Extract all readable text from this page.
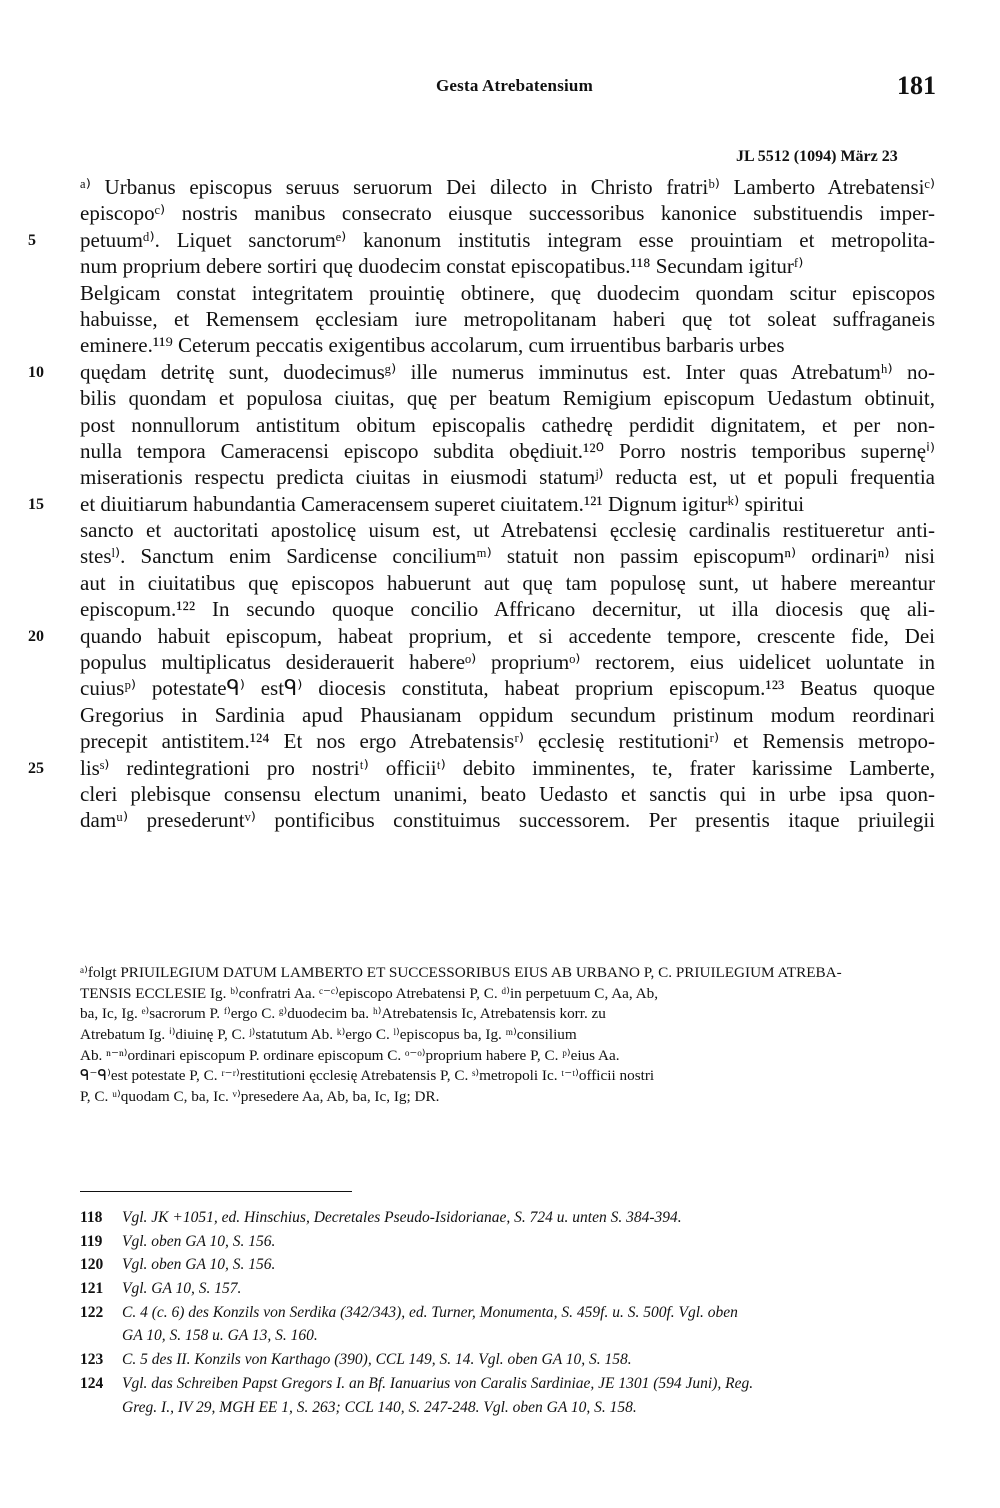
Gesta Atrebatensium	181
JL 5512 (1094) März 23
ᵃ⁾ Urbanus episcopus seruus seruorum Dei dilecto in Christo fratriᵇ⁾ Lamberto Atrebatensiᶜ⁾
episcopoᶜ⁾ nostris manibus consecrato eiusque successoribus kanonice substituendis imper-
5 petuumᵈ⁾. Liquet sanctorumᵉ⁾ kanonum institutis integram esse prouintiam et metropolita-
num proprium debere sortiri quę duodecim constat episcopatibus.¹¹⁸ Secundam igiturᶠ⁾
Belgicam constat integritatem prouintię obtinere, quę duodecim quondam scitur episcopos
habuisse, et Remensem ęcclesiam iure metropolitanam haberi quę tot soleat suffraganeis
eminere.¹¹⁹ Ceterum peccatis exigentibus accolarum, cum irruentibus barbaris urbes
10 quędam detritę sunt, duodecimusᵍ⁾ ille numerus imminutus est. Inter quas Atrebatumʰ⁾ no-
bilis quondam et populosa ciuitas, quę per beatum Remigium episcopum Uedastum obtinuit,
post nonnullorum antistitum obitum episcopalis cathedrę perdidit dignitatem, et per non-
nulla tempora Cameracensi episcopo subdita obędiuit.¹²⁰ Porro nostris temporibus supernęⁱ⁾
miserationis respectu predicta ciuitas in eiusmodi statumʲ⁾ reducta est, ut et populi frequentia
15 et diuitiarum habundantia Cameracensem superet ciuitatem.¹²¹ Dignum igiturᵏ⁾ spiritui
sancto et auctoritati apostolicę uisum est, ut Atrebatensi ęcclesię cardinalis restitueretur anti-
stesˡ⁾. Sanctum enim Sardicense conciliumᵐ⁾ statuit non passim episcopumⁿ⁾ ordinariⁿ⁾ nisi
aut in ciuitatibus quę episcopos habuerunt aut quę tam populosę sunt, ut habere mereantur
episcopum.¹²² In secundo quoque concilio Affricano decernitur, ut illa diocesis quę ali-
20 quando habuit episcopum, habeat proprium, et si accedente tempore, crescente fide, Dei
populus multiplicatus desiderauerit habereᵒ⁾ propriumᵒ⁾ rectorem, eius uidelicet uoluntate in
cuiusᵖ⁾ potestateᑫ⁾ estᑫ⁾ diocesis constituta, habeat proprium episcopum.¹²³ Beatus quoque
Gregorius in Sardinia apud Phausianam oppidum secundum pristinum modum reordinari
precepit antistitem.¹²⁴ Et nos ergo Atrebatensisʳ⁾ ęcclesię restitutioniʳ⁾ et Remensis metropo-
25 lisˢ⁾ redintegrationi pro nostriᵗ⁾ officiiᵗ⁾ debito imminentes, te, frater karissime Lamberte,
cleri plebisque consensu electum unanimi, beato Uedasto et sanctis qui in urbe ipsa quon-
damᵘ⁾ presederuntᵛ⁾ pontificibus constituimus successorem. Per presentis itaque priuilegii
ᵃ⁾folgt PRIUILEGIUM DATUM LAMBERTO ET SUCCESSORIBUS EIUS AB URBANO P, C. PRIUILEGIUM ATREBA-
TENSIS ECCLESIE Ig. ᵇ⁾confratri Aa. ᶜ⁻ᶜ⁾episcopo Atrebatensi P, C. ᵈ⁾in perpetuum C, Aa, Ab,
ba, Ic, Ig. ᵉ⁾sacrorum P. ᶠ⁾ergo C. ᵍ⁾duodecim ba. ʰ⁾Atrebatensis Ic, Atrebatensis korr. zu
Atrebatum Ig. ⁱ⁾diuinę P, C. ʲ⁾statutum Ab. ᵏ⁾ergo C. ˡ⁾episcopus ba, Ig. ᵐ⁾consilium
Ab. ⁿ⁻ⁿ⁾ordinari episcopum P. ordinare episcopum C. ᵒ⁻ᵒ⁾proprium habere P, C. ᵖ⁾eius Aa.
ᑫ⁻ᑫ⁾est potestate P, C. ʳ⁻ʳ⁾restitutioni ęcclesię Atrebatensis P, C. ˢ⁾metropoli Ic. ᵗ⁻ᵗ⁾officii nostri
P, C. ᵘ⁾quodam C, ba, Ic. ᵛ⁾presedere Aa, Ab, ba, Ic, Ig; DR.
118 Vgl. JK +1051, ed. Hinschius, Decretales Pseudo-Isidorianae, S. 724 u. unten S. 384-394.
119 Vgl. oben GA 10, S. 156.
120 Vgl. oben GA 10, S. 156.
121 Vgl. GA 10, S. 157.
122 C. 4 (c. 6) des Konzils von Serdika (342/343), ed. Turner, Monumenta, S. 459f. u. S. 500f. Vgl. oben
GA 10, S. 158 u. GA 13, S. 160.
123 C. 5 des II. Konzils von Karthago (390), CCL 149, S. 14. Vgl. oben GA 10, S. 158.
124 Vgl. das Schreiben Papst Gregors I. an Bf. Ianuarius von Caralis Sardiniae, JE 1301 (594 Juni), Reg.
Greg. I., IV 29, MGH EE 1, S. 263; CCL 140, S. 247-248. Vgl. oben GA 10, S. 158.
